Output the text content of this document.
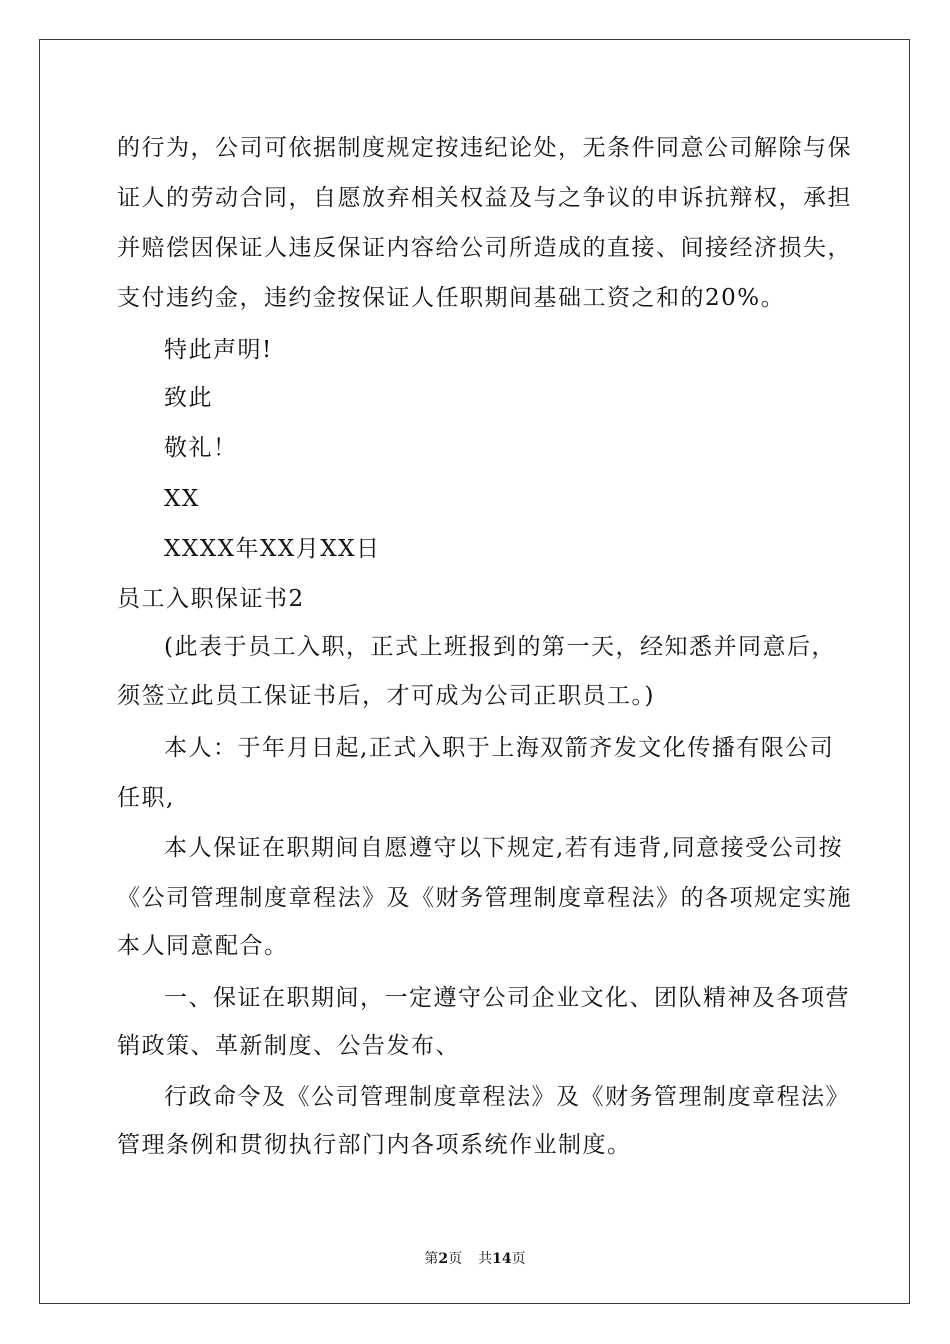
的行为，公司可依据制度规定按违纪论处，无条件同意公司解除与保
证人的劳动合同，自愿放弃相关权益及与之争议的申诉抗辩权，承担
并赔偿因保证人违反保证内容给公司所造成的直接、间接经济损失，
支付违约金，违约金按保证人任职期间基础工资之和的20%。
特此声明!
致此
敬礼！
XX
XXXX年XX月XX日
员工入职保证书2
(此表于员工入职，正式上班报到的第一天，经知悉并同意后，
须签立此员工保证书后，才可成为公司正职员工。)
本人：于年月日起,正式入职于上海双箭齐发文化传播有限公司
任职,
本人保证在职期间自愿遵守以下规定,若有违背,同意接受公司按
《公司管理制度章程法》及《财务管理制度章程法》的各项规定实施
本人同意配合。
一、保证在职期间，一定遵守公司企业文化、团队精神及各项营
销政策、革新制度、公告发布、
行政命令及《公司管理制度章程法》及《财务管理制度章程法》
管理条例和贯彻执行部门内各项系统作业制度。
第2页 共14页
